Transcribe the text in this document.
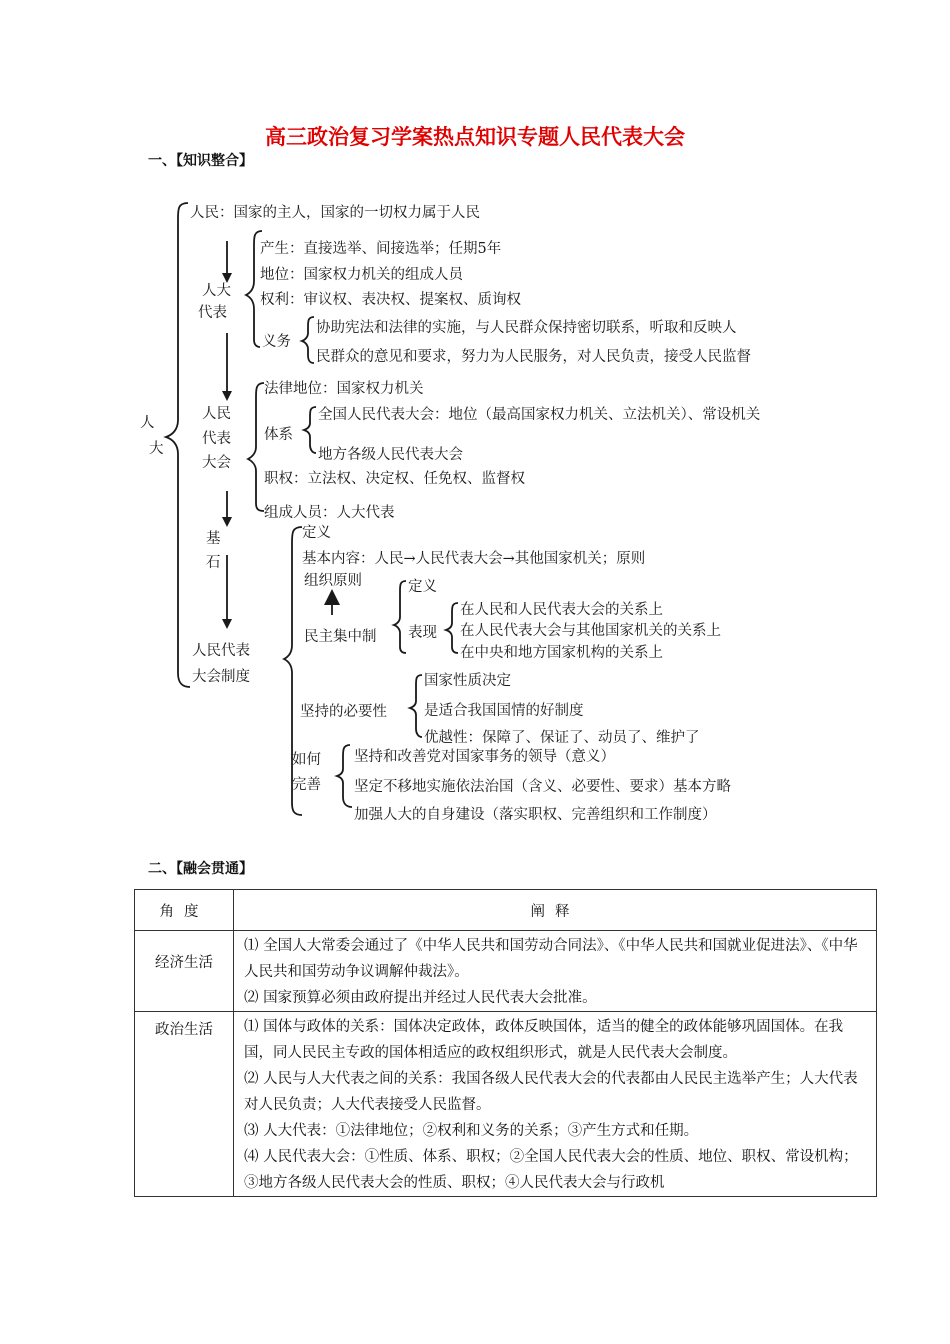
高三政治复习学案热点知识专题人民代表大会
一、【知识整合】
人
大
人民：国家的主人，国家的一切权力属于人民
人大
代表
产生：直接选举、间接选举；任期5年
地位：国家权力机关的组成人员
权利：审议权、表决权、提案权、质询权
义务
协助宪法和法律的实施，与人民群众保持密切联系，听取和反映人
民群众的意见和要求，努力为人民服务，对人民负责，接受人民监督
人民
代表
大会
法律地位：国家权力机关
体系
全国人民代表大会：地位（最高国家权力机关、立法机关）、常设机关
地方各级人民代表大会
职权：立法权、决定权、任免权、监督权
组成人员：人大代表
基
石
人民代表
大会制度
定义
基本内容：人民→人民代表大会→其他国家机关；原则
组织原则
民主集中制
定义
表现
在人民和人民代表大会的关系上
在人民代表大会与其他国家机关的关系上
在中央和地方国家机构的关系上
坚持的必要性
国家性质决定
是适合我国国情的好制度
优越性：保障了、保证了、动员了、维护了
如何
完善
坚持和改善党对国家事务的领导（意义）
坚定不移地实施依法治国（含义、必要性、要求）基本方略
加强人大的自身建设（落实职权、完善组织和工作制度）
二、【融会贯通】
角度	阐释
经济生活	⑴ 全国人大常委会通过了《中华人民共和国劳动合同法》、《中华人民共和国就业促进法》、《中华人民共和国劳动争议调解仲裁法》。

⑵ 国家预算必须由政府提出并经过人民代表大会批准。

政治生活	⑴ 国体与政体的关系：国体决定政体，政体反映国体，适当的健全的政体能够巩固国体。在我国，同人民民主专政的国体相适应的政权组织形式，就是人民代表大会制度。

⑵ 人民与人大代表之间的关系：我国各级人民代表大会的代表都由人民民主选举产生；人大代表对人民负责；人大代表接受人民监督。

⑶ 人大代表：①法律地位；②权利和义务的关系；③产生方式和任期。

⑷ 人民代表大会：①性质、体系、职权；②全国人民代表大会的性质、地位、职权、常设机构；③地方各级人民代表大会的性质、职权；④人民代表大会与行政机
